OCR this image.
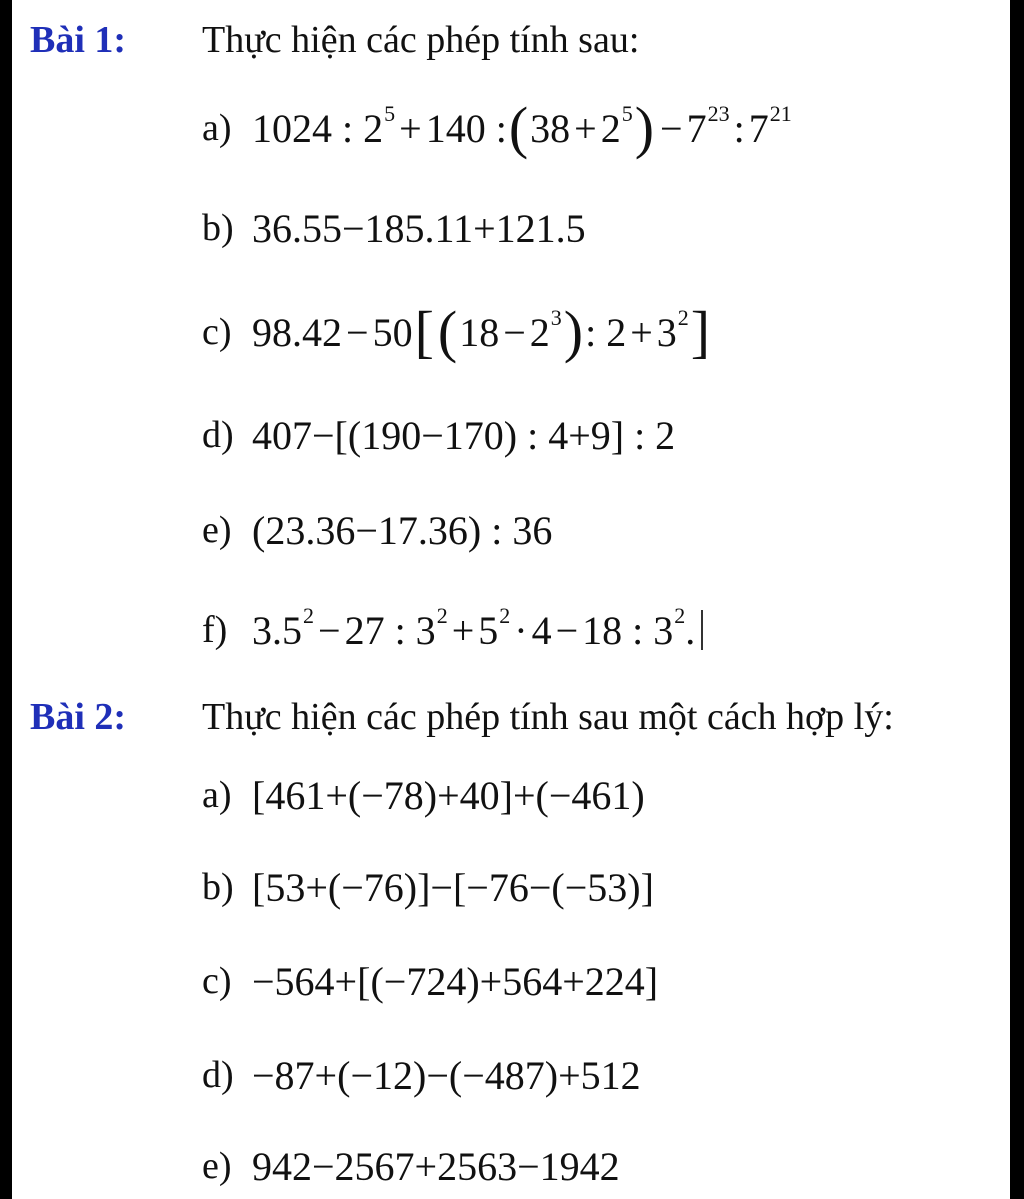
Bài 1: Thực hiện các phép tính sau:
a) 1024 : $2^5 + 140$ : ( $38 + 2^5$ ) − $7^{23}$ : $7^{21}$
b) 36.55−185.11+121.5
c) 98.42 − 50 [ ( $18 - 2^3$ ) : $2 + 3^2$ ]
d) 407−[(190−170) : 4+9] : 2
e) (23.36−17.36) : 36
f) $3.5^2 - 27$ : $3^2 + 5^2 \cdot 4 - 18$ : $3^2$ .
Bài 2: Thực hiện các phép tính sau một cách hợp lý:
a) [461+(−78)+40]+(−461)
b) [53+(−76)]−[−76−(−53)]
c) −564+[(−724)+564+224]
d) −87+(−12)−(−487)+512
e) 942−2567+2563−1942
